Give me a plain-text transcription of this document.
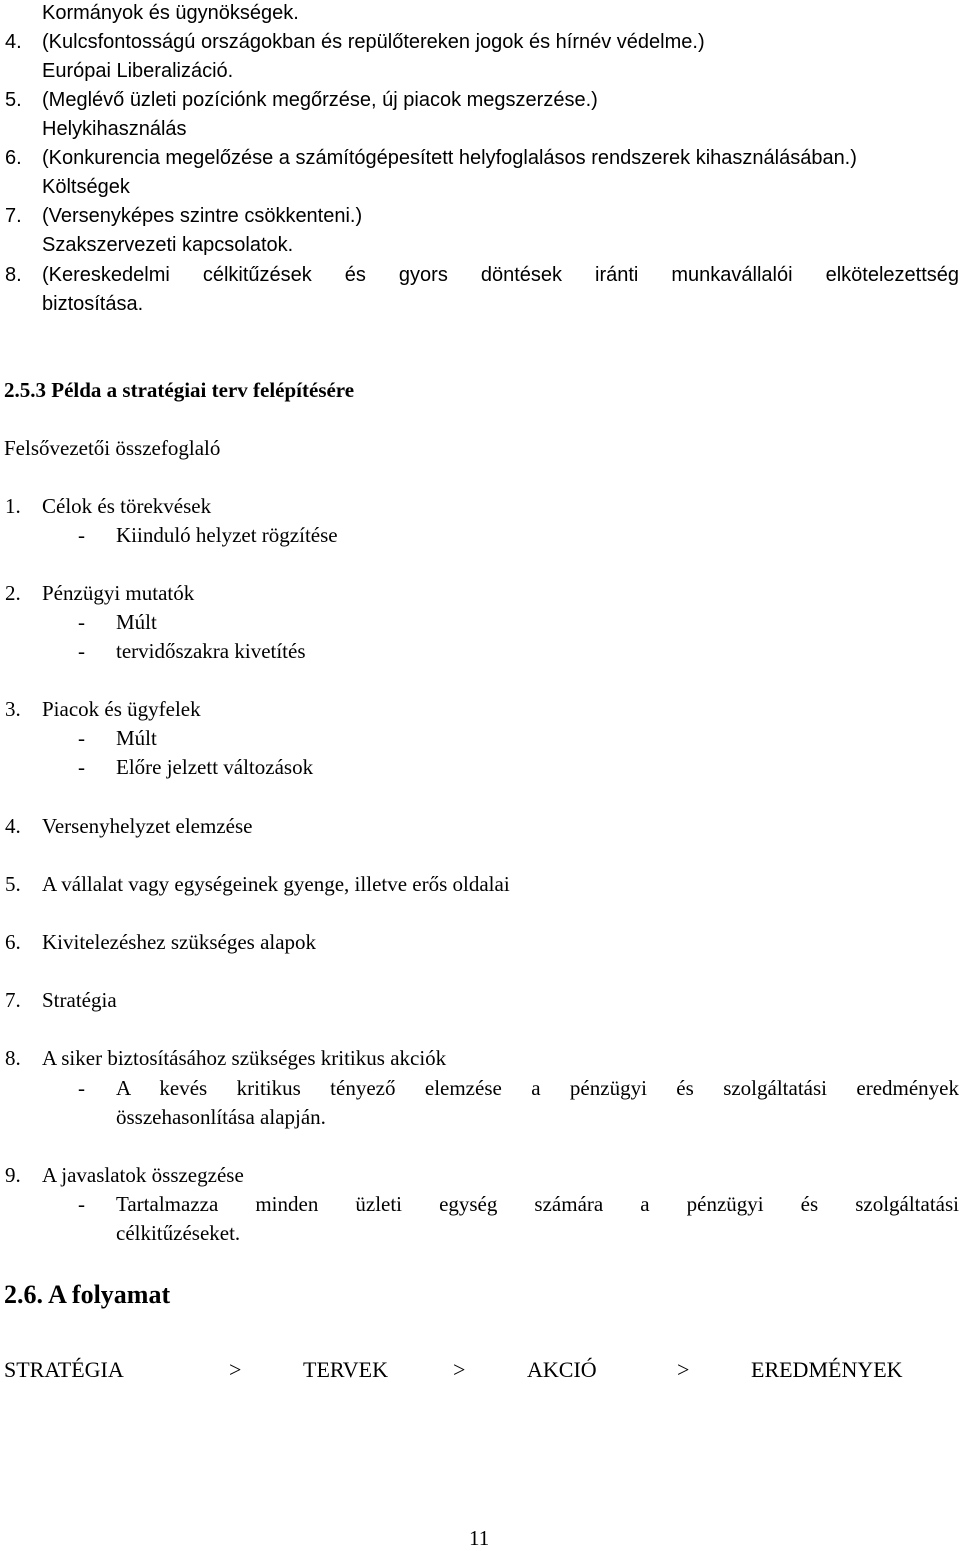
Kormányok és ügynökségek.
4. (Kulcsfontosságú országokban és repülőtereken jogok és hírnév védelme.)
Európai Liberalizáció.
5. (Meglévő üzleti pozíciónk megőrzése, új piacok megszerzése.)
Helykihasználás
6. (Konkurencia megelőzése a számítógépesített helyfoglalásos rendszerek kihasználásában.)
Költségek
7. (Versenyképes szintre csökkenteni.)
Szakszervezeti kapcsolatok.
8. (Kereskedelmi célkitűzések és gyors döntések iránti munkavállalói elkötelezettség
biztosítása.
2.5.3 Példa a stratégiai terv felépítésére
Felsővezetői összefoglaló
1. Célok és törekvések
- Kiinduló helyzet rögzítése
2. Pénzügyi mutatók
- Múlt
- tervidőszakra kivetítés
3. Piacok és ügyfelek
- Múlt
- Előre jelzett változások
4. Versenyhelyzet elemzése
5. A vállalat vagy egységeinek gyenge, illetve erős oldalai
6. Kivitelezéshez szükséges alapok
7. Stratégia
8. A siker biztosításához szükséges kritikus akciók
- A kevés kritikus tényező elemzése a pénzügyi és szolgáltatási eredmények
összehasonlítása alapján.
9. A javaslatok összegzése
- Tartalmazza minden üzleti egység számára a pénzügyi és szolgáltatási
célkitűzéseket.
2.6. A folyamat
STRATÉGIA	>	TERVEK	>	AKCIÓ	>	EREDMÉNYEK
11
